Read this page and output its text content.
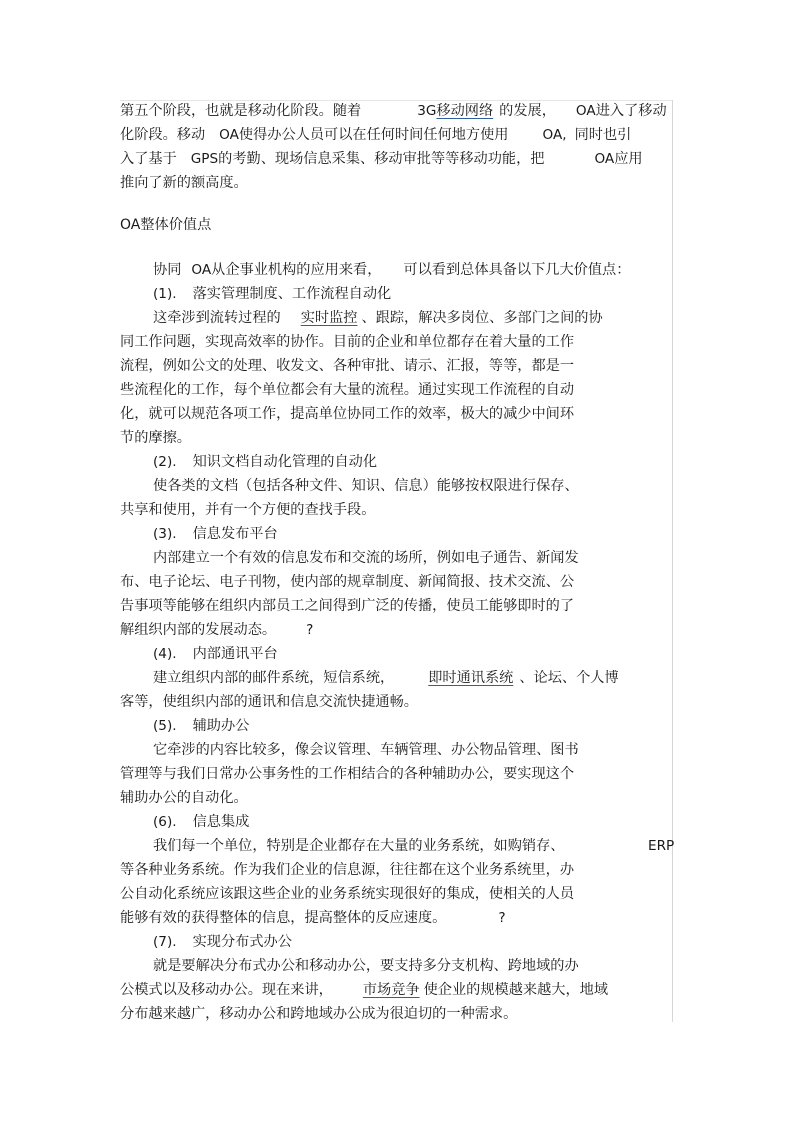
第五个阶段，也就是移动化阶段。随着	3G移动网络 的发展， OA进入了移动
化阶段。移动 OA使得办公人员可以在任何时间任何地方使用	OA, 同时也引
入了基于 GPS的考勤、现场信息采集、移动审批等等移动功能，把	OA应用
推向了新的额高度。
OA整体价值点
协同 OA从企事业机构的应用来看， 可以看到总体具备以下几大价值点：
(1). 落实管理制度、工作流程自动化
这牵涉到流转过程的 实时监控 、跟踪，解决多岗位、多部门之间的协
同工作问题，实现高效率的协作。目前的企业和单位都存在着大量的工作
流程，例如公文的处理、收发文、各种审批、请示、汇报，等等，都是一
些流程化的工作，每个单位都会有大量的流程。通过实现工作流程的自动
化，就可以规范各项工作，提高单位协同工作的效率，极大的减少中间环
节的摩擦。
(2). 知识文档自动化管理的自动化
使各类的文档（包括各种文件、知识、信息）能够按权限进行保存、
共享和使用，并有一个方便的查找手段。
(3). 信息发布平台
内部建立一个有效的信息发布和交流的场所，例如电子通告、新闻发
布、电子论坛、电子刊物，使内部的规章制度、新闻简报、技术交流、公
告事项等能够在组织内部员工之间得到广泛的传播，使员工能够即时的了
解组织内部的发展动态。 ?
(4). 内部通讯平台
建立组织内部的邮件系统，短信系统， 即时通讯系统 、论坛、个人博
客等，使组织内部的通讯和信息交流快捷通畅。
(5). 辅助办公
它牵涉的内容比较多，像会议管理、车辆管理、办公物品管理、图书
管理等与我们日常办公事务性的工作相结合的各种辅助办公，要实现这个
辅助办公的自动化。
(6). 信息集成
我们每一个单位，特别是企业都存在大量的业务系统，如购销存、	ERP
等各种业务系统。作为我们企业的信息源，往往都在这个业务系统里，办
公自动化系统应该跟这些企业的业务系统实现很好的集成，使相关的人员
能够有效的获得整体的信息，提高整体的反应速度。	?
(7). 实现分布式办公
就是要解决分布式办公和移动办公，要支持多分支机构、跨地域的办
公模式以及移动办公。现在来讲， 市场竞争 使企业的规模越来越大，地域
分布越来越广，移动办公和跨地域办公成为很迫切的一种需求。
